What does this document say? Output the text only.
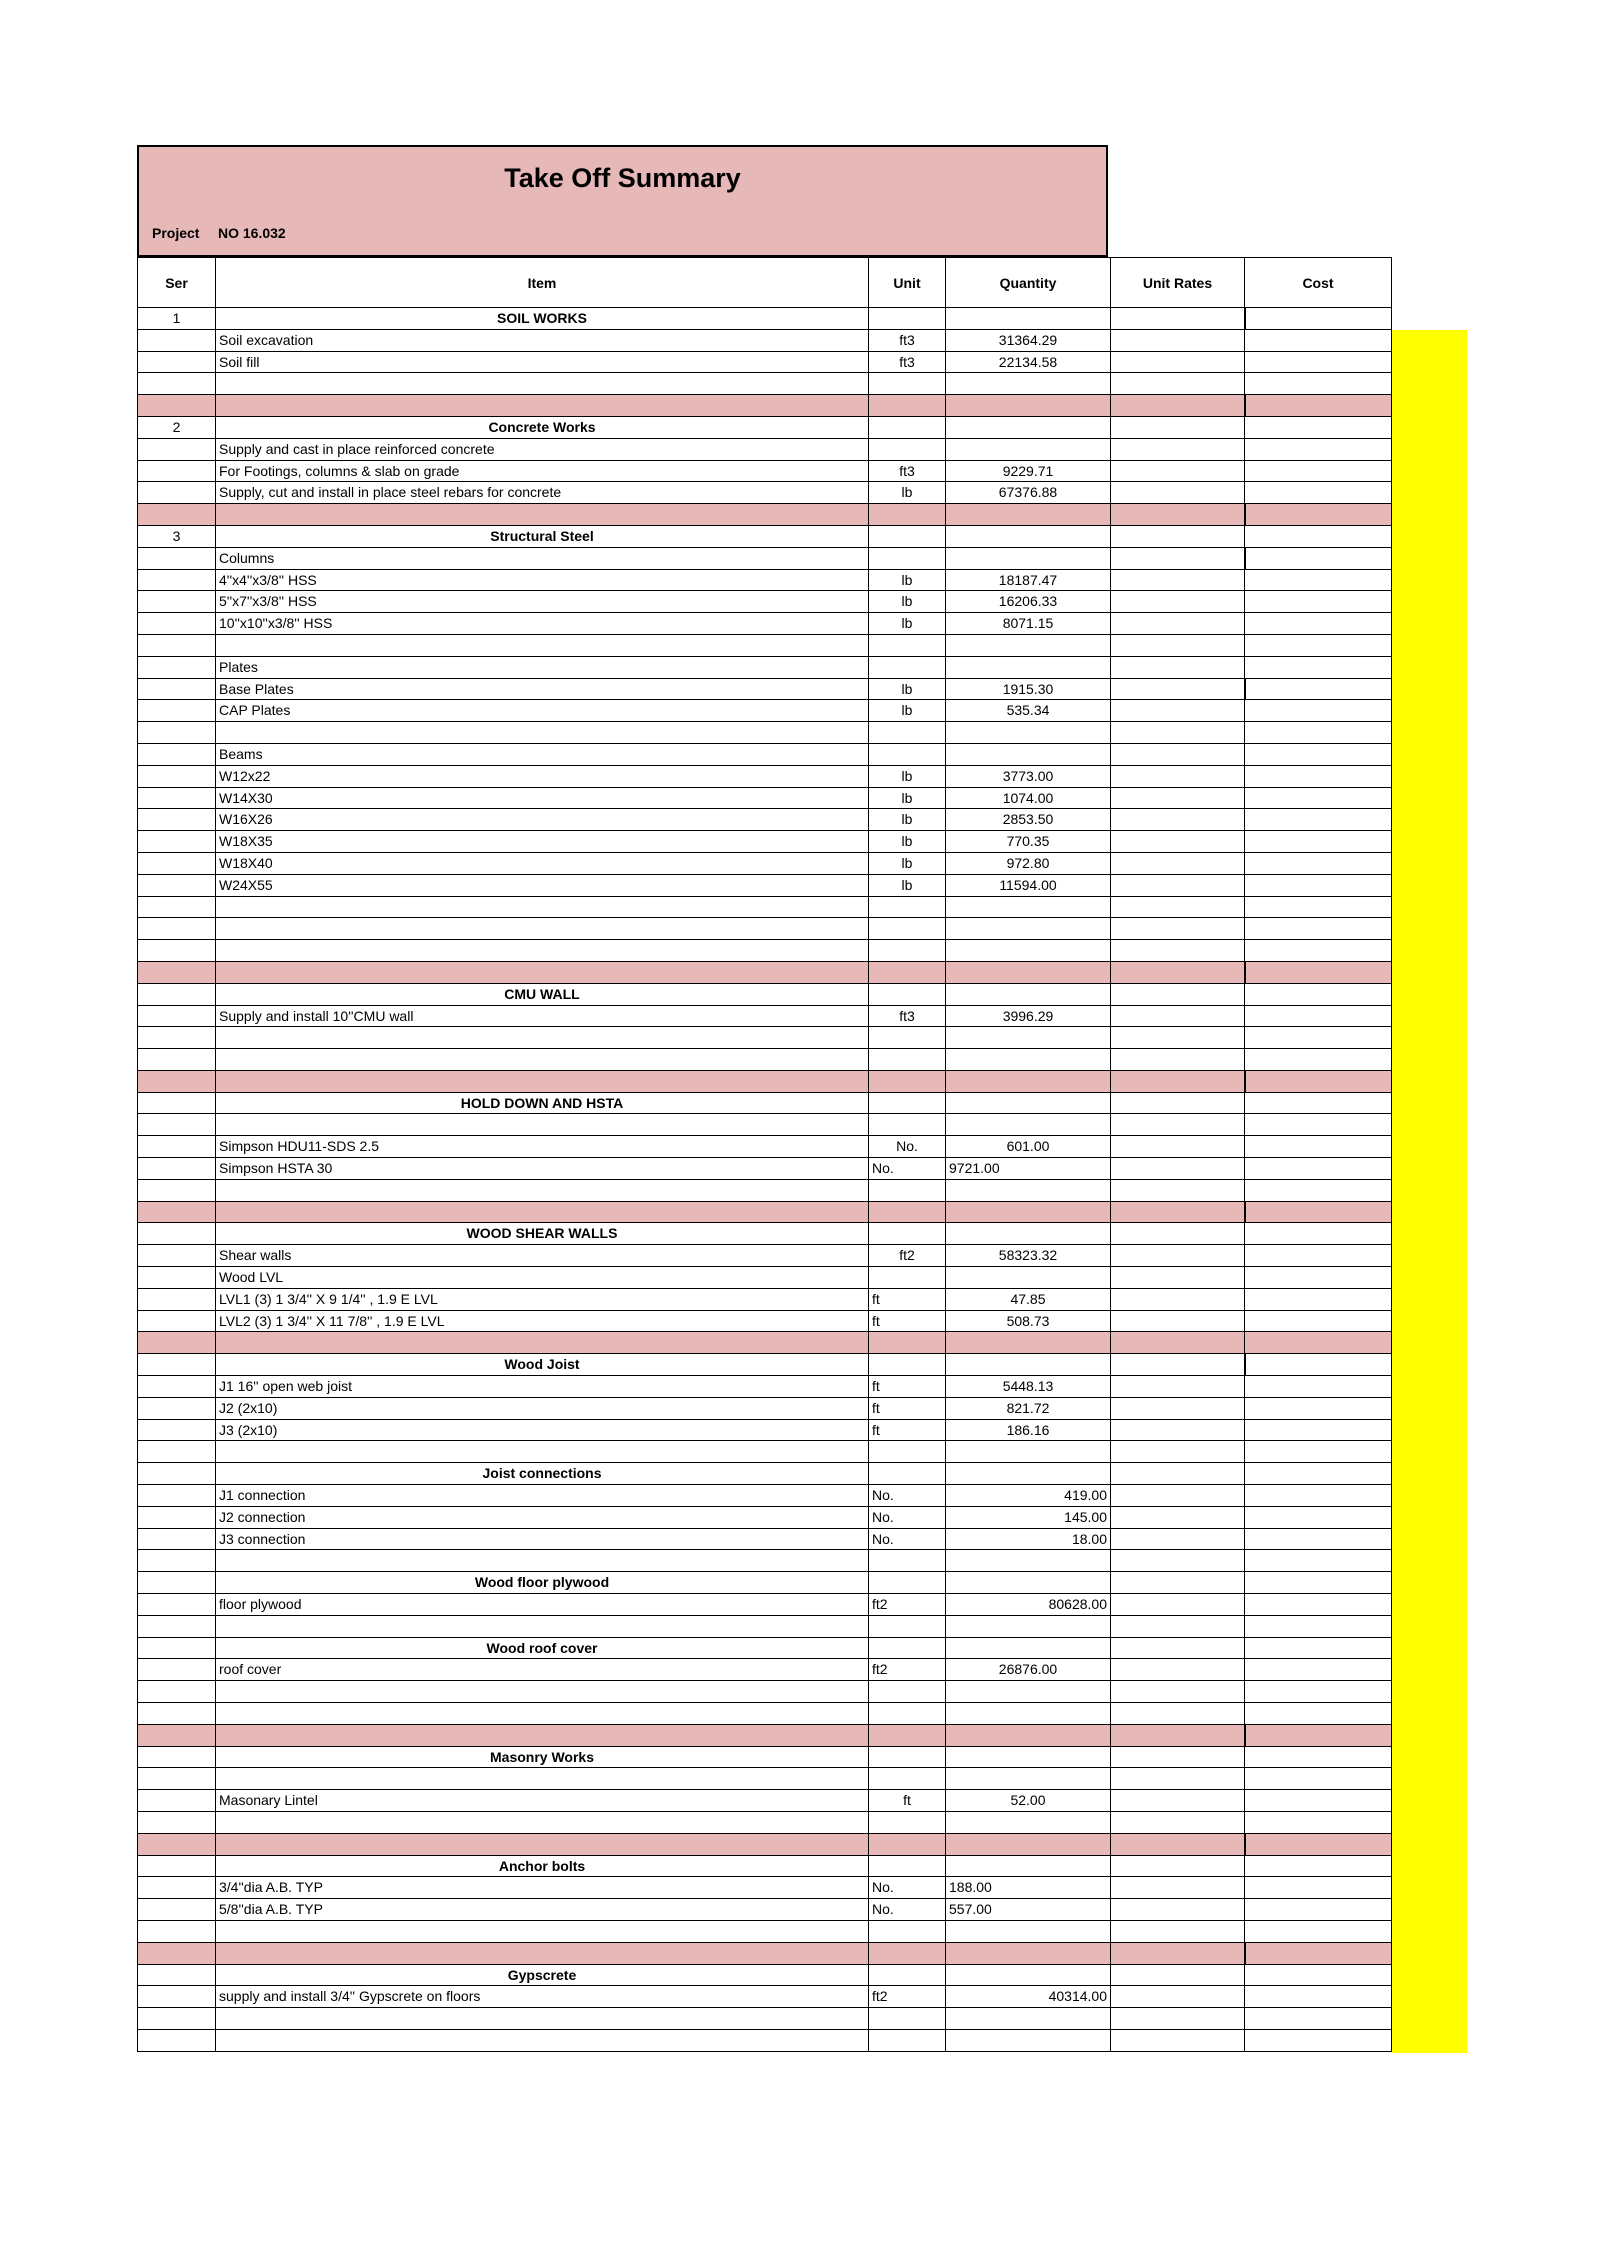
Take Off Summary
Project NO 16.032
Ser	Item	Unit	Quantity	Unit Rates	Cost
1	SOIL WORKS
Soil excavation	ft3	31364.29
Soil fill	ft3	22134.58
2	Concrete Works
Supply and cast in place reinforced concrete
For Footings, columns & slab on grade	ft3	9229.71
Supply, cut and install in place steel rebars for concrete	lb	67376.88
3	Structural Steel
Columns
4''x4''x3/8'' HSS	lb	18187.47
5''x7''x3/8'' HSS	lb	16206.33
10''x10''x3/8'' HSS	lb	8071.15
Plates
Base Plates	lb	1915.30
CAP Plates	lb	535.34
Beams
W12x22	lb	3773.00
W14X30	lb	1074.00
W16X26	lb	2853.50
W18X35	lb	770.35
W18X40	lb	972.80
W24X55	lb	11594.00
CMU WALL
Supply and install 10''CMU wall	ft3	3996.29
HOLD DOWN AND HSTA
Simpson HDU11-SDS 2.5	No.	601.00
Simpson HSTA 30	No.	9721.00
WOOD SHEAR WALLS
Shear walls	ft2	58323.32
Wood LVL
LVL1 (3) 1 3/4'' X 9 1/4'' , 1.9 E LVL	ft	47.85
LVL2 (3) 1 3/4'' X 11 7/8'' , 1.9 E LVL	ft	508.73
Wood Joist
J1 16'' open web joist	ft	5448.13
J2 (2x10)	ft	821.72
J3 (2x10)	ft	186.16
Joist connections
J1 connection	No.	419.00
J2 connection	No.	145.00
J3 connection	No.	18.00
Wood floor plywood
floor plywood	ft2	80628.00
Wood roof cover
roof cover	ft2	26876.00
Masonry Works
Masonary Lintel	ft	52.00
Anchor bolts
3/4''dia A.B. TYP	No.	188.00
5/8''dia A.B. TYP	No.	557.00
Gypscrete
supply and install 3/4'' Gypscrete on floors	ft2	40314.00
